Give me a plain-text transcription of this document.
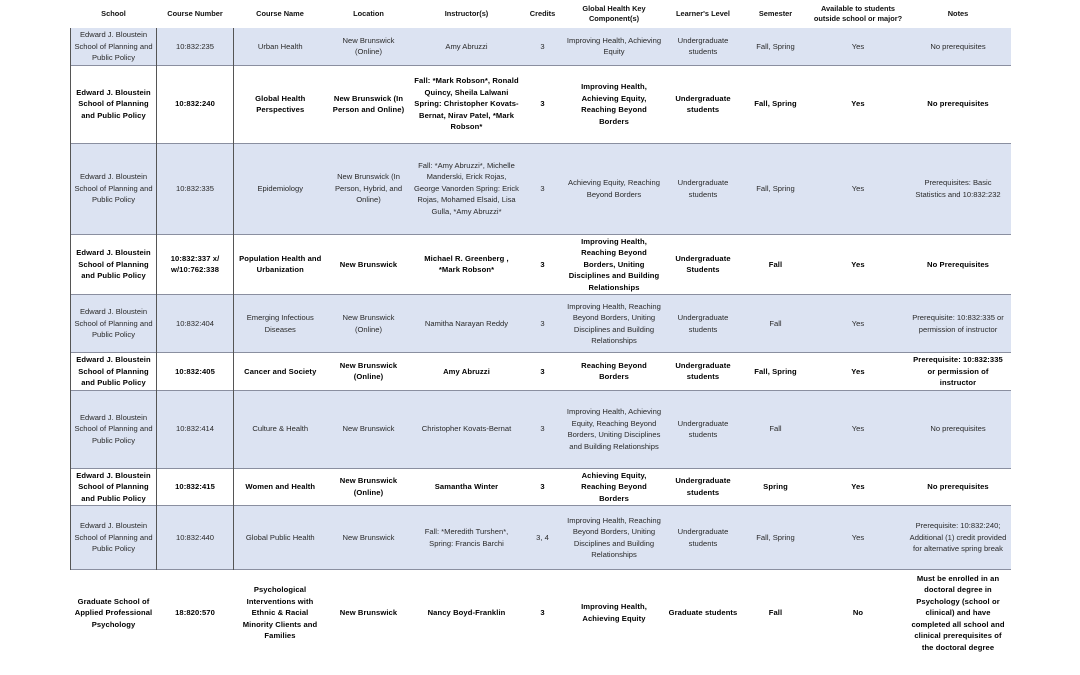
School	Course Number	Course Name	Location	Instructor(s)	Credits	Global Health Key Component(s)	Learner's Level	Semester	Available to students outside school or major?	Notes
Edward J. Bloustein School of Planning and Public Policy	10:832:235	Urban Health	New Brunswick (Online)	Amy Abruzzi	3	Improving Health, Achieving Equity	Undergraduate students	Fall, Spring	Yes	No prerequisites
Edward J. Bloustein School of Planning and Public Policy	10:832:240	Global Health Perspectives	New Brunswick (In Person and Online)	Fall: *Mark Robson*, Ronald Quincy, Sheila Lalwani Spring: Christopher Kovats-Bernat, Nirav Patel, *Mark Robson*	3	Improving Health, Achieving Equity, Reaching Beyond Borders	Undergraduate students	Fall, Spring	Yes	No prerequisites
Edward J. Bloustein School of Planning and Public Policy	10:832:335	Epidemiology	New Brunswick (In Person, Hybrid, and Online)	Fall: *Amy Abruzzi*, Michelle Manderski, Erick Rojas, George Vanorden Spring: Erick Rojas, Mohamed Elsaid, Lisa Gulla, *Amy Abruzzi*	3	Achieving Equity, Reaching Beyond Borders	Undergraduate students	Fall, Spring	Yes	Prerequisites: Basic Statistics and 10:832:232
Edward J. Bloustein School of Planning and Public Policy	10:832:337 x/ w/10:762:338	Population Health and Urbanization	New Brunswick	Michael R. Greenberg , *Mark Robson*	3	Improving Health, Reaching Beyond Borders, Uniting Disciplines and Building Relationships	Undergraduate Students	Fall	Yes	No Prerequisites
Edward J. Bloustein School of Planning and Public Policy	10:832:404	Emerging Infectious Diseases	New Brunswick (Online)	Namitha Narayan Reddy	3	Improving Health, Reaching Beyond Borders, Uniting Disciplines and Building Relationships	Undergraduate students	Fall	Yes	Prerequisite: 10:832:335 or permission of instructor
Edward J. Bloustein School of Planning and Public Policy	10:832:405	Cancer and Society	New Brunswick (Online)	Amy Abruzzi	3	Reaching Beyond Borders	Undergraduate students	Fall, Spring	Yes	Prerequisite: 10:832:335 or permission of instructor
Edward J. Bloustein School of Planning and Public Policy	10:832:414	Culture & Health	New Brunswick	Christopher Kovats-Bernat	3	Improving Health, Achieving Equity, Reaching Beyond Borders, Uniting Disciplines and Building Relationships	Undergraduate students	Fall	Yes	No prerequisites
Edward J. Bloustein School of Planning and Public Policy	10:832:415	Women and Health	New Brunswick (Online)	Samantha Winter	3	Achieving Equity, Reaching Beyond Borders	Undergraduate students	Spring	Yes	No prerequisites
Edward J. Bloustein School of Planning and Public Policy	10:832:440	Global Public Health	New Brunswick	Fall: *Meredith Turshen*, Spring: Francis Barchi	3, 4	Improving Health, Reaching Beyond Borders, Uniting Disciplines and Building Relationships	Undergraduate students	Fall, Spring	Yes	Prerequisite: 10:832:240; Additional (1) credit provided for alternative spring break
Graduate School of Applied Professional Psychology	18:820:570	Psychological Interventions with Ethnic & Racial Minority Clients and Families	New Brunswick	Nancy Boyd-Franklin	3	Improving Health, Achieving Equity	Graduate students	Fall	No	Must be enrolled in an doctoral degree in Psychology (school or clinical) and have completed all school and clinical prerequisites of the doctoral degree
